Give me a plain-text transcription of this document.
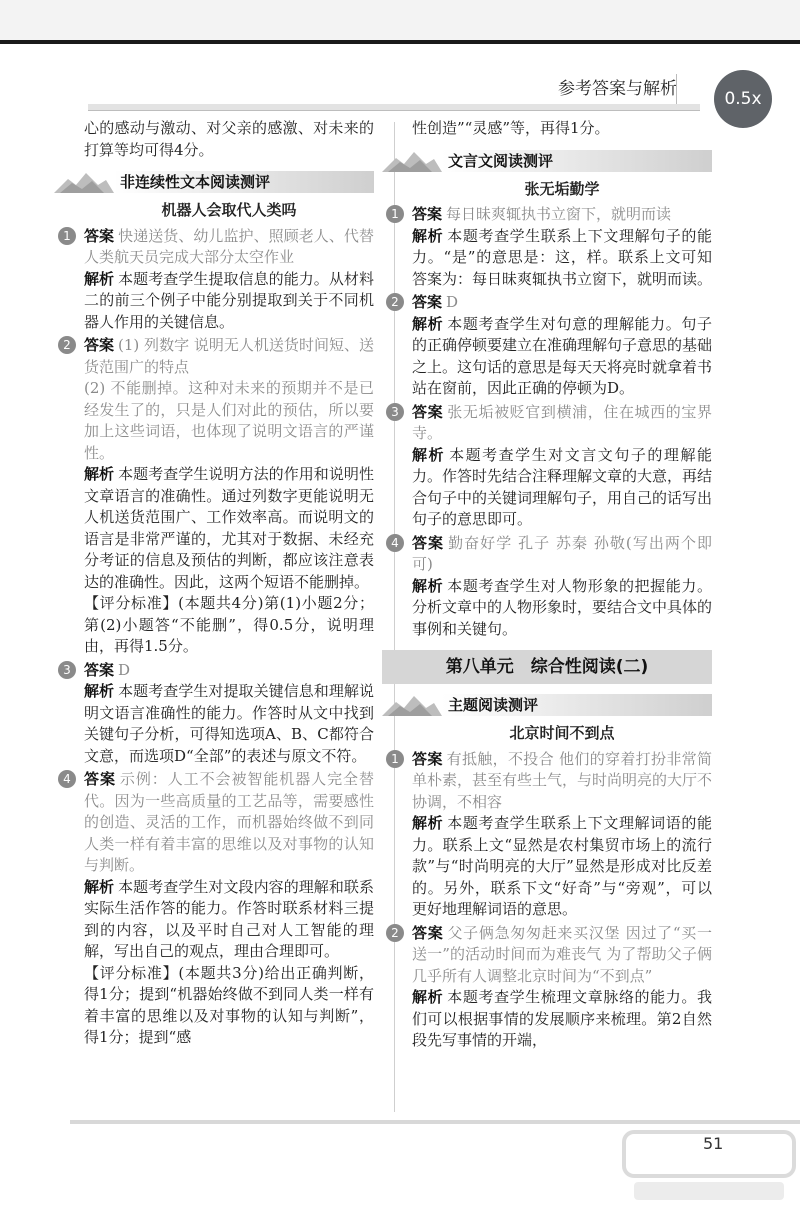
参考答案与解析	0.5x

心的感动与激动、对父亲的感激、对未来的打算等均可得4分。

非连续性文本阅读测评
机器人会取代人类吗
1 答案 快递送货、幼儿监护、照顾老人、代替人类航天员完成大部分太空作业

解析 本题考查学生提取信息的能力。从材料二的前三个例子中能分别提取到关于不同机器人作用的关键信息。

2 答案 (1) 列数字 说明无人机送货时间短、送货范围广的特点

(2) 不能删掉。这种对未来的预期并不是已经发生了的，只是人们对此的预估，所以要加上这些词语，也体现了说明文语言的严谨性。

解析 本题考查学生说明方法的作用和说明性文章语言的准确性。通过列数字更能说明无人机送货范围广、工作效率高。而说明文的语言是非常严谨的，尤其对于数据、未经充分考证的信息及预估的判断，都应该注意表达的准确性。因此，这两个短语不能删掉。

【评分标准】(本题共4分)第(1)小题2分；第(2)小题答“不能删”，得0.5分，说明理由，再得1.5分。

3 答案 D

解析 本题考查学生对提取关键信息和理解说明文语言准确性的能力。作答时从文中找到关键句子分析，可得知选项A、B、C都符合文意，而选项D“全部”的表述与原文不符。

4 答案 示例：人工不会被智能机器人完全替代。因为一些高质量的工艺品等，需要感性的创造、灵活的工作，而机器始终做不到同人类一样有着丰富的思维以及对事物的认知与判断。

解析 本题考查学生对文段内容的理解和联系实际生活作答的能力。作答时联系材料三提到的内容，以及平时自己对人工智能的理解，写出自己的观点，理由合理即可。

【评分标准】(本题共3分)给出正确判断，得1分；提到“机器始终做不到同人类一样有着丰富的思维以及对事物的认知与判断”，得1分；提到“感

性创造”“灵感”等，再得1分。

文言文阅读测评
张无垢勤学
1 答案 每日昧爽辄执书立窗下，就明而读

解析 本题考查学生联系上下文理解句子的能力。“是”的意思是：这，样。联系上文可知答案为：每日昧爽辄执书立窗下，就明而读。

2 答案 D

解析 本题考查学生对句意的理解能力。句子的正确停顿要建立在准确理解句子意思的基础之上。这句话的意思是每天天将亮时就拿着书站在窗前，因此正确的停顿为D。

3 答案 张无垢被贬官到横浦，住在城西的宝界寺。

解析 本题考查学生对文言文句子的理解能力。作答时先结合注释理解文章的大意，再结合句子中的关键词理解句子，用自己的话写出句子的意思即可。

4 答案 勤奋好学 孔子 苏秦 孙敬(写出两个即可)

解析 本题考查学生对人物形象的把握能力。分析文章中的人物形象时，要结合文中具体的事例和关键句。

第八单元　综合性阅读(二)
主题阅读测评
北京时间不到点
1 答案 有抵触，不投合 他们的穿着打扮非常简单朴素，甚至有些土气，与时尚明亮的大厅不协调，不相容

解析 本题考查学生联系上下文理解词语的能力。联系上文“显然是农村集贸市场上的流行款”与“时尚明亮的大厅”显然是形成对比反差的。另外，联系下文“好奇”与“旁观”，可以更好地理解词语的意思。

2 答案 父子俩急匆匆赶来买汉堡 因过了“买一送一”的活动时间而为难丧气 为了帮助父子俩几乎所有人调整北京时间为“不到点”

解析 本题考查学生梳理文章脉络的能力。我们可以根据事情的发展顺序来梳理。第2自然段先写事情的开端，

51
